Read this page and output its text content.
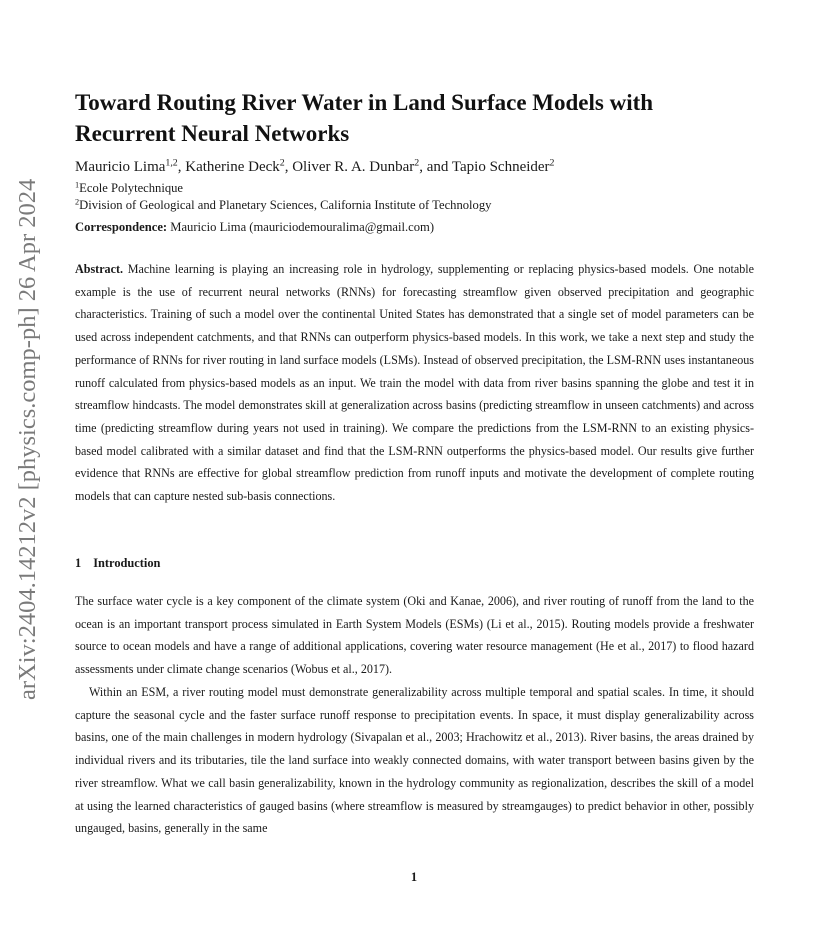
arXiv:2404.14212v2 [physics.comp-ph] 26 Apr 2024
Toward Routing River Water in Land Surface Models with
Recurrent Neural Networks
Mauricio Lima$^{1,2}$, Katherine Deck$^2$, Oliver R. A. Dunbar$^2$, and Tapio Schneider$^2$
$^1$Ecole Polytechnique
$^2$Division of Geological and Planetary Sciences, California Institute of Technology
Correspondence: Mauricio Lima (mauriciodemouralima@gmail.com)
Abstract. Machine learning is playing an increasing role in hydrology, supplementing or replacing physics-based models. One notable example is the use of recurrent neural networks (RNNs) for forecasting streamflow given observed precipitation and geographic characteristics. Training of such a model over the continental United States has demonstrated that a single set of model parameters can be used across independent catchments, and that RNNs can outperform physics-based models. In this work, we take a next step and study the performance of RNNs for river routing in land surface models (LSMs). Instead of observed precipitation, the LSM-RNN uses instantaneous runoff calculated from physics-based models as an input. We train the model with data from river basins spanning the globe and test it in streamflow hindcasts. The model demonstrates skill at generalization across basins (predicting streamflow in unseen catchments) and across time (predicting streamflow during years not used in training). We compare the predictions from the LSM-RNN to an existing physics-based model calibrated with a similar dataset and find that the LSM-RNN outperforms the physics-based model. Our results give further evidence that RNNs are effective for global streamflow prediction from runoff inputs and motivate the development of complete routing models that can capture nested sub-basis connections.
1 Introduction
The surface water cycle is a key component of the climate system (Oki and Kanae, 2006), and river routing of runoff from the land to the ocean is an important transport process simulated in Earth System Models (ESMs) (Li et al., 2015). Routing models provide a freshwater source to ocean models and have a range of additional applications, covering water resource management (He et al., 2017) to flood hazard assessments under climate change scenarios (Wobus et al., 2017).
Within an ESM, a river routing model must demonstrate generalizability across multiple temporal and spatial scales. In time, it should capture the seasonal cycle and the faster surface runoff response to precipitation events. In space, it must display generalizability across basins, one of the main challenges in modern hydrology (Sivapalan et al., 2003; Hrachowitz et al., 2013). River basins, the areas drained by individual rivers and its tributaries, tile the land surface into weakly connected domains, with water transport between basins given by the river streamflow. What we call basin generalizability, known in the hydrology community as regionalization, describes the skill of a model at using the learned characteristics of gauged basins (where streamflow is measured by streamgauges) to predict behavior in other, possibly ungauged, basins, generally in the same
1
